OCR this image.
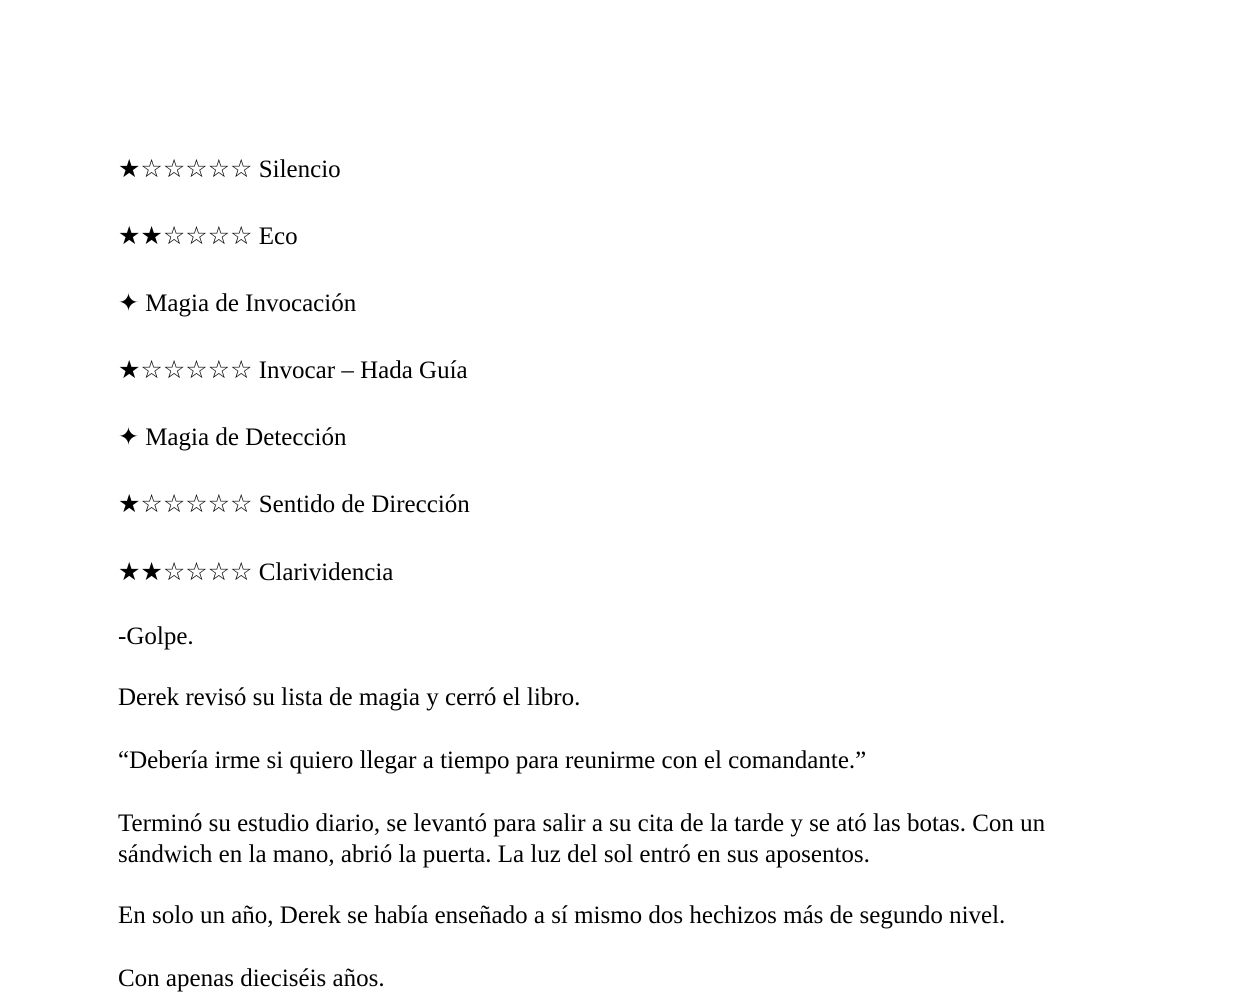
★☆☆☆☆☆ Silencio
★★☆☆☆☆ Eco
✦ Magia de Invocación
★☆☆☆☆☆ Invocar – Hada Guía
✦ Magia de Detección
★☆☆☆☆☆ Sentido de Dirección
★★☆☆☆☆ Clarividencia
-Golpe.
Derek revisó su lista de magia y cerró el libro.
“Debería irme si quiero llegar a tiempo para reunirme con el comandante.”
Terminó su estudio diario, se levantó para salir a su cita de la tarde y se ató las botas. Con un sándwich en la mano, abrió la puerta. La luz del sol entró en sus aposentos.
En solo un año, Derek se había enseñado a sí mismo dos hechizos más de segundo nivel.
Con apenas dieciséis años.
